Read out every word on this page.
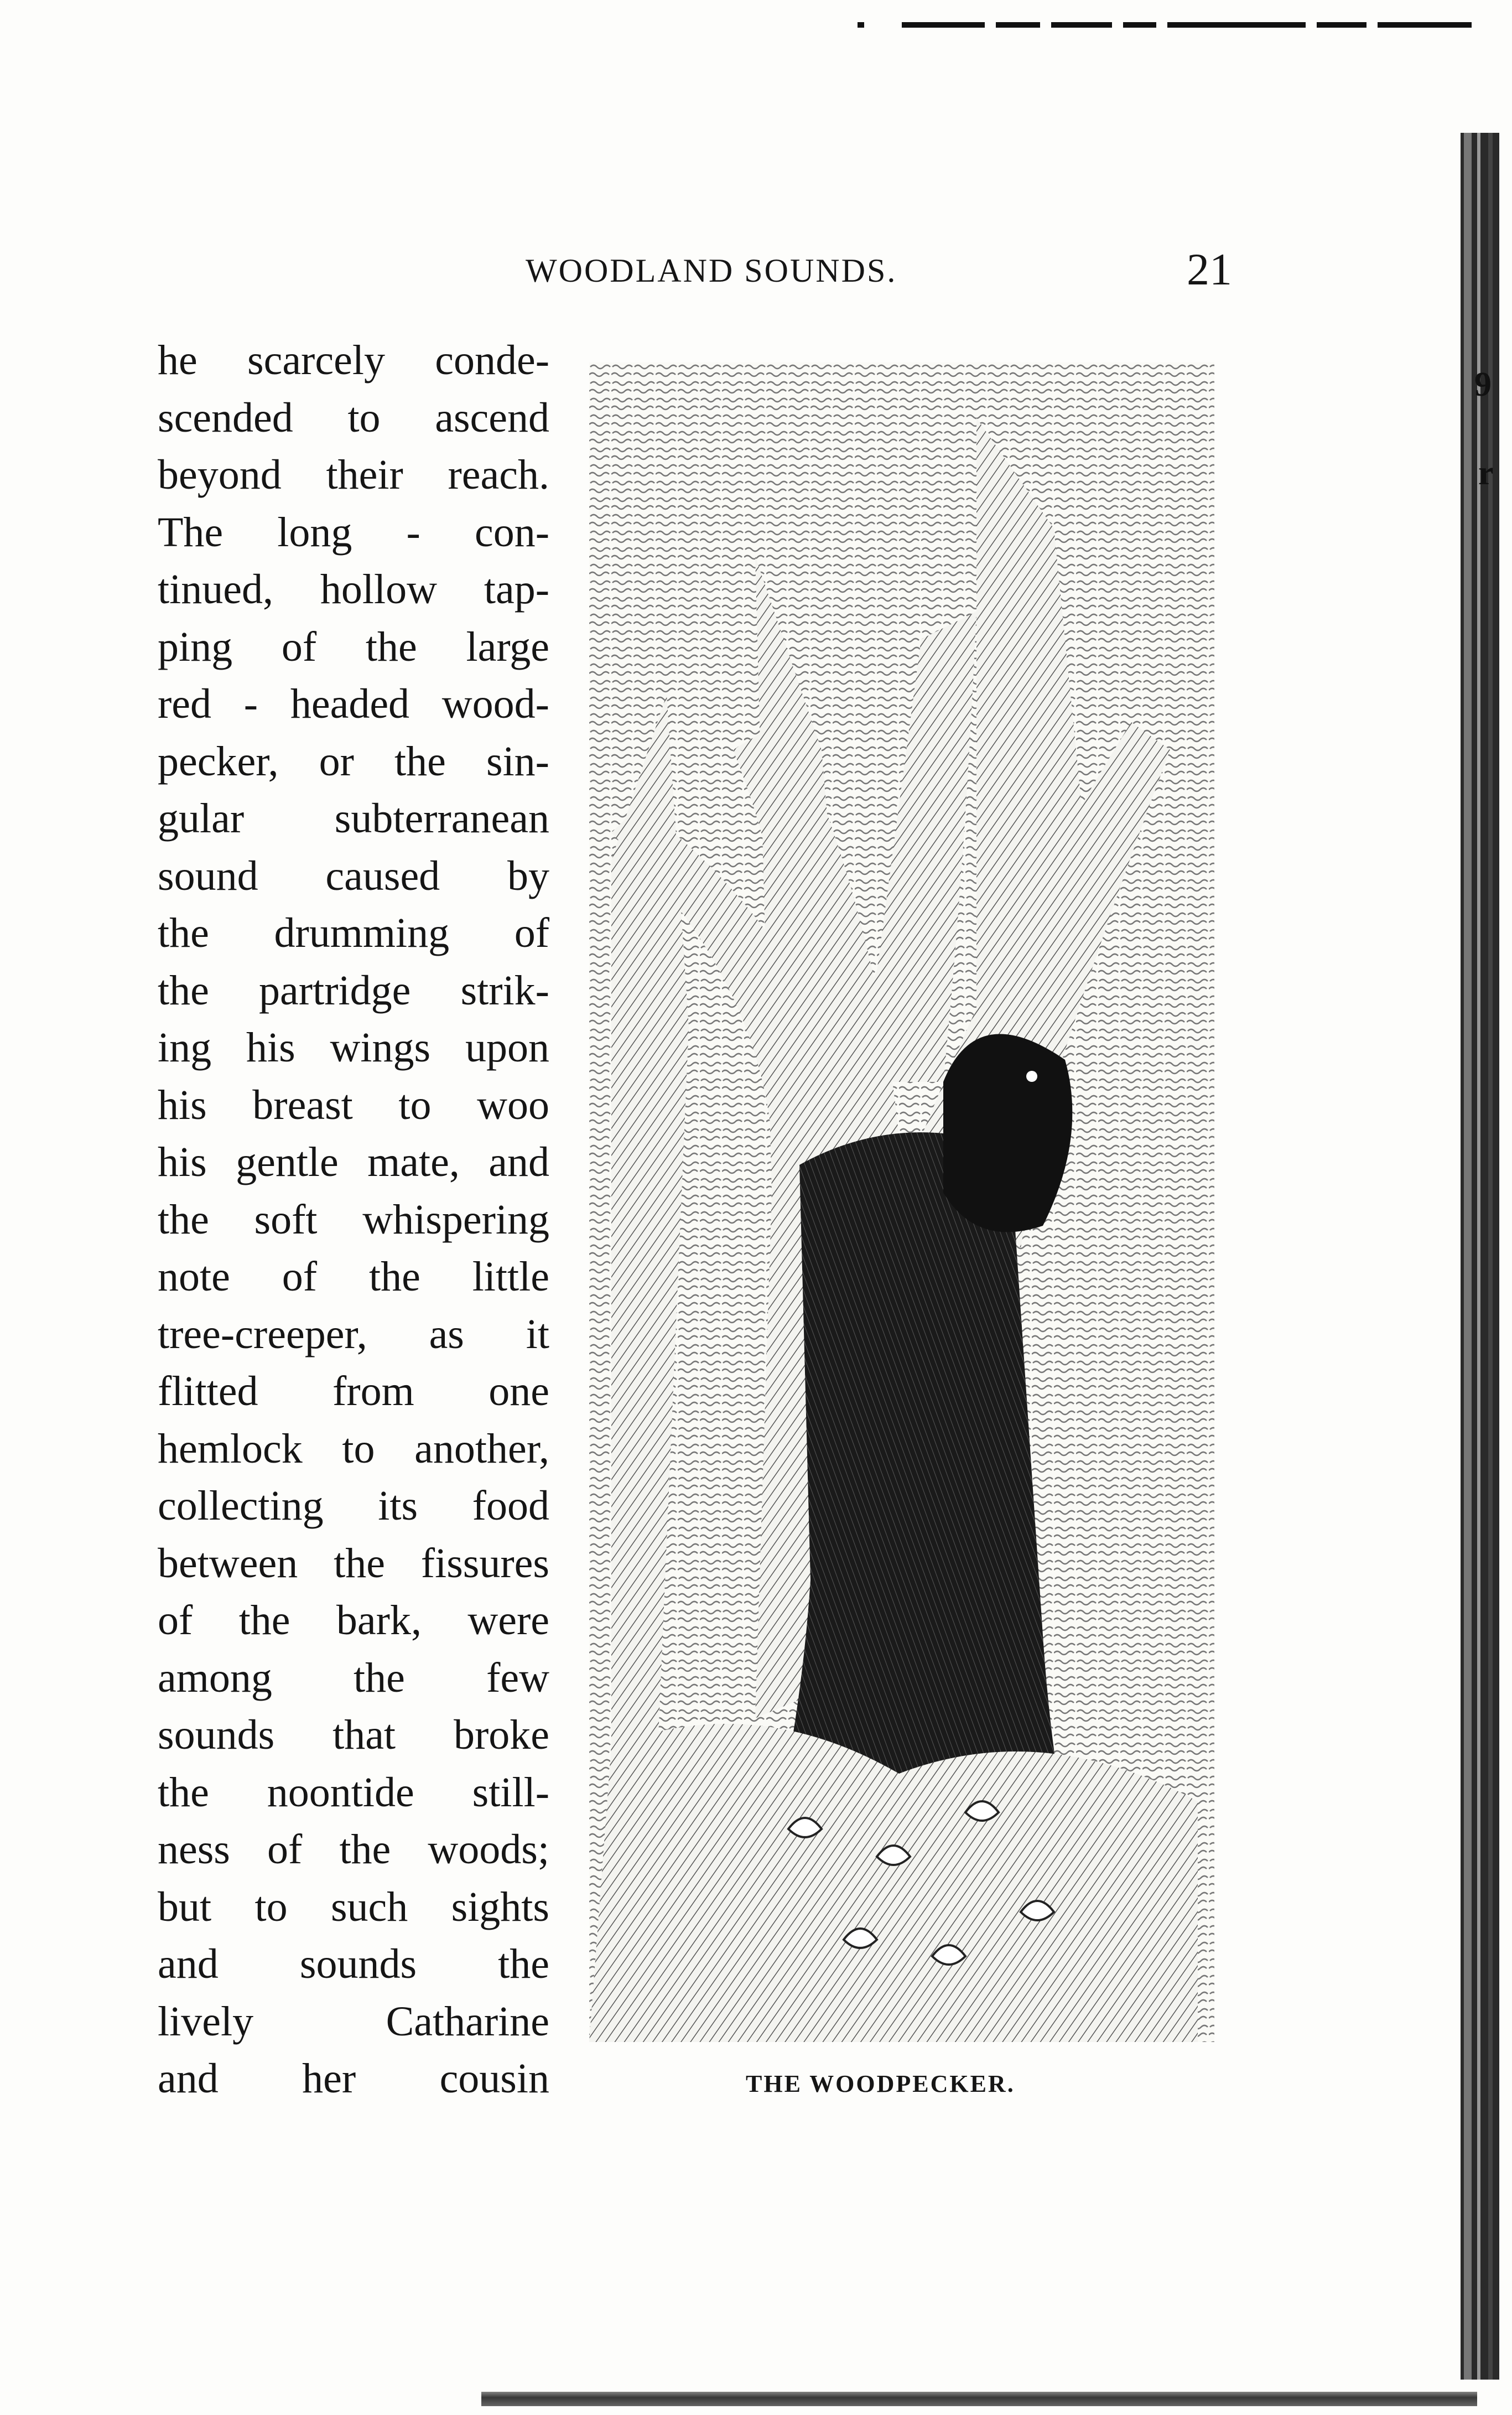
9
r
WOODLAND SOUNDS.	21
he scarcely conde-
scended to ascend
beyond their reach.
The long - con-
tinued, hollow tap-
ping of the large
red - headed wood-
pecker, or the sin-
gular subterranean
sound caused by
the drumming of
the partridge strik-
ing his wings upon
his breast to woo
his gentle mate, and
the soft whispering
note of the little
tree-creeper, as it
flitted from one
hemlock to another,
collecting its food
between the fissures
of the bark, were
among the few
sounds that broke
the noontide still-
ness of the woods;
but to such sights
and sounds the
lively Catharine
and her cousin	THE WOODPECKER.
